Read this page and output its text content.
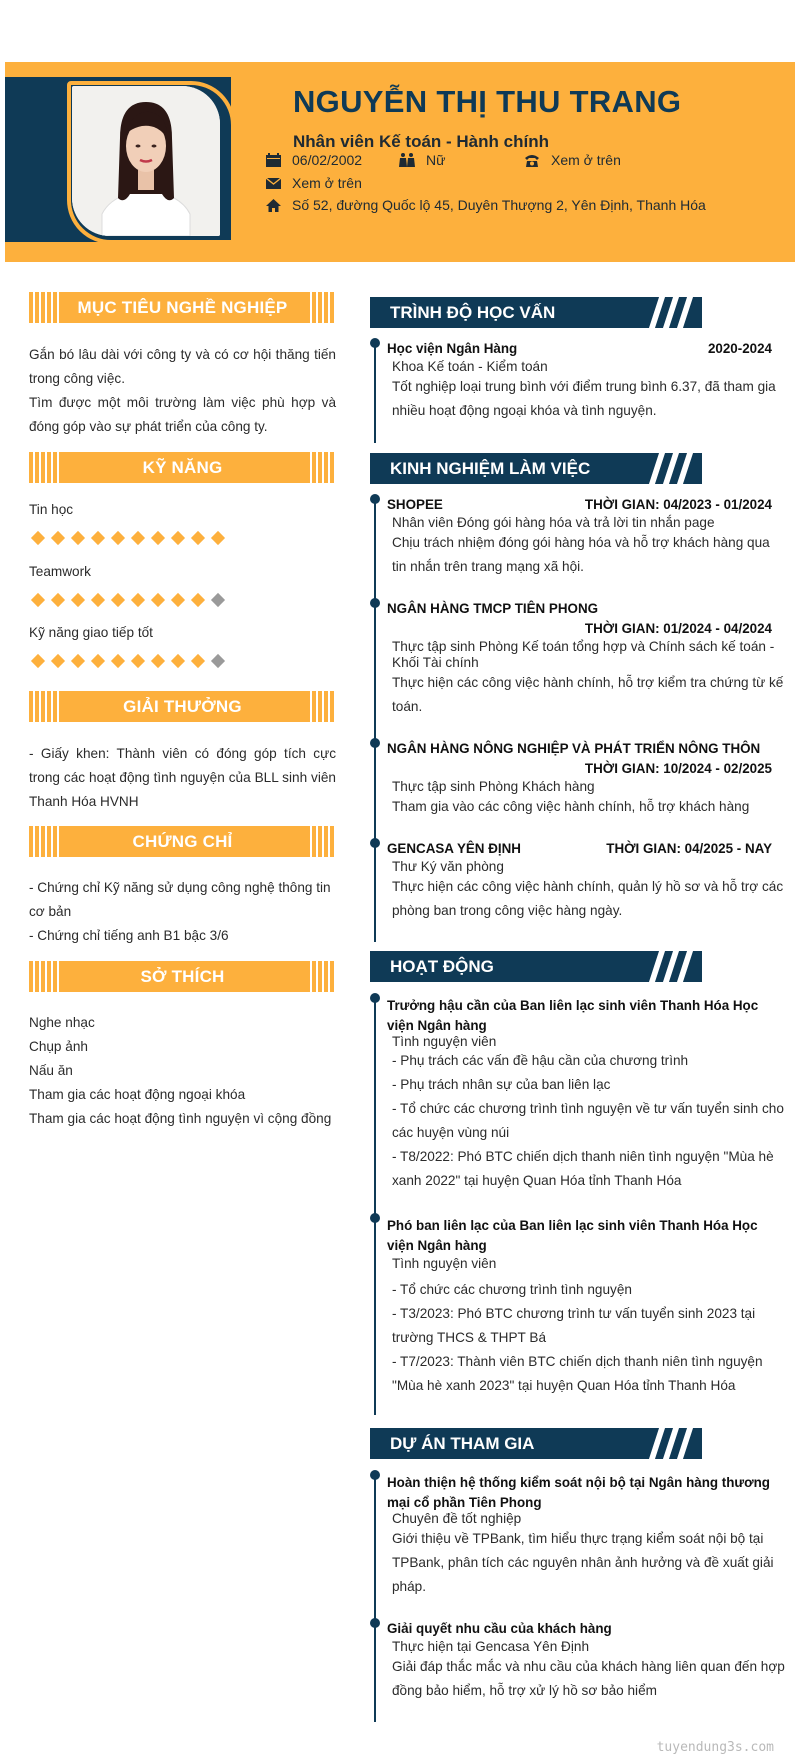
NGUYỄN THỊ THU TRANG
Nhân viên Kế toán - Hành chính
06/02/2002	Nữ	Xem ở trên
Xem ở trên
Số 52, đường Quốc lộ 45, Duyên Thượng 2, Yên Định, Thanh Hóa
MỤC TIÊU NGHỀ NGHIỆP
Gắn bó lâu dài với công ty và có cơ hội thăng tiến trong công việc.
Tìm được một môi trường làm việc phù hợp và đóng góp vào sự phát triển của công ty.
KỸ NĂNG
Tin học
Teamwork
Kỹ năng giao tiếp tốt
GIẢI THƯỞNG
- Giấy khen: Thành viên có đóng góp tích cực trong các hoạt động tình nguyện của BLL sinh viên Thanh Hóa HVNH
CHỨNG CHỈ
- Chứng chỉ Kỹ năng sử dụng công nghệ thông tin cơ bản
- Chứng chỉ tiếng anh B1 bậc 3/6
SỞ THÍCH
Nghe nhạc
Chụp ảnh
Nấu ăn
Tham gia các hoạt động ngoại khóa
Tham gia các hoạt động tình nguyện vì cộng đồng
TRÌNH ĐỘ HỌC VẤN
Học viện Ngân Hàng	2020-2024
Khoa Kế toán - Kiểm toán
Tốt nghiệp loại trung bình với điểm trung bình 6.37, đã tham gia nhiều hoạt động ngoại khóa và tình nguyện.
KINH NGHIỆM LÀM VIỆC
SHOPEE	THỜI GIAN: 04/2023 - 01/2024
Nhân viên Đóng gói hàng hóa và trả lời tin nhắn page
Chịu trách nhiệm đóng gói hàng hóa và hỗ trợ khách hàng qua tin nhắn trên trang mạng xã hội.
NGÂN HÀNG TMCP TIÊN PHONG
THỜI GIAN: 01/2024 - 04/2024
Thực tập sinh Phòng Kế toán tổng hợp và Chính sách kế toán - Khối Tài chính
Thực hiện các công việc hành chính, hỗ trợ kiểm tra chứng từ kế toán.
NGÂN HÀNG NÔNG NGHIỆP VÀ PHÁT TRIỂN NÔNG THÔN
THỜI GIAN: 10/2024 - 02/2025
Thực tập sinh Phòng Khách hàng
Tham gia vào các công việc hành chính, hỗ trợ khách hàng
GENCASA YÊN ĐỊNH	THỜI GIAN: 04/2025 - NAY
Thư Ký văn phòng
Thực hiện các công việc hành chính, quản lý hồ sơ và hỗ trợ các phòng ban trong công việc hàng ngày.
HOẠT ĐỘNG
Trưởng hậu cần của Ban liên lạc sinh viên Thanh Hóa Học viện Ngân hàng
Tình nguyện viên
- Phụ trách các vấn đề hậu cần của chương trình
- Phụ trách nhân sự của ban liên lạc
- Tổ chức các chương trình tình nguyện về tư vấn tuyển sinh cho các huyện vùng núi
- T8/2022: Phó BTC chiến dịch thanh niên tình nguyện "Mùa hè xanh 2022" tại huyện Quan Hóa tỉnh Thanh Hóa
Phó ban liên lạc của Ban liên lạc sinh viên Thanh Hóa Học viện Ngân hàng
Tình nguyện viên
- Tổ chức các chương trình tình nguyện
- T3/2023: Phó BTC chương trình tư vấn tuyển sinh 2023 tại trường THCS & THPT Bá
- T7/2023: Thành viên BTC chiến dịch thanh niên tình nguyện "Mùa hè xanh 2023" tại huyện Quan Hóa tỉnh Thanh Hóa
DỰ ÁN THAM GIA
Hoàn thiện hệ thống kiểm soát nội bộ tại Ngân hàng thương mại cổ phần Tiên Phong
Chuyên đề tốt nghiệp
Giới thiệu về TPBank, tìm hiểu thực trạng kiểm soát nội bộ tại TPBank, phân tích các nguyên nhân ảnh hưởng và đề xuất giải pháp.
Giải quyết nhu cầu của khách hàng
Thực hiện tại Gencasa Yên Định
Giải đáp thắc mắc và nhu cầu của khách hàng liên quan đến hợp đồng bảo hiểm, hỗ trợ xử lý hồ sơ bảo hiểm
tuyendung3s.com
